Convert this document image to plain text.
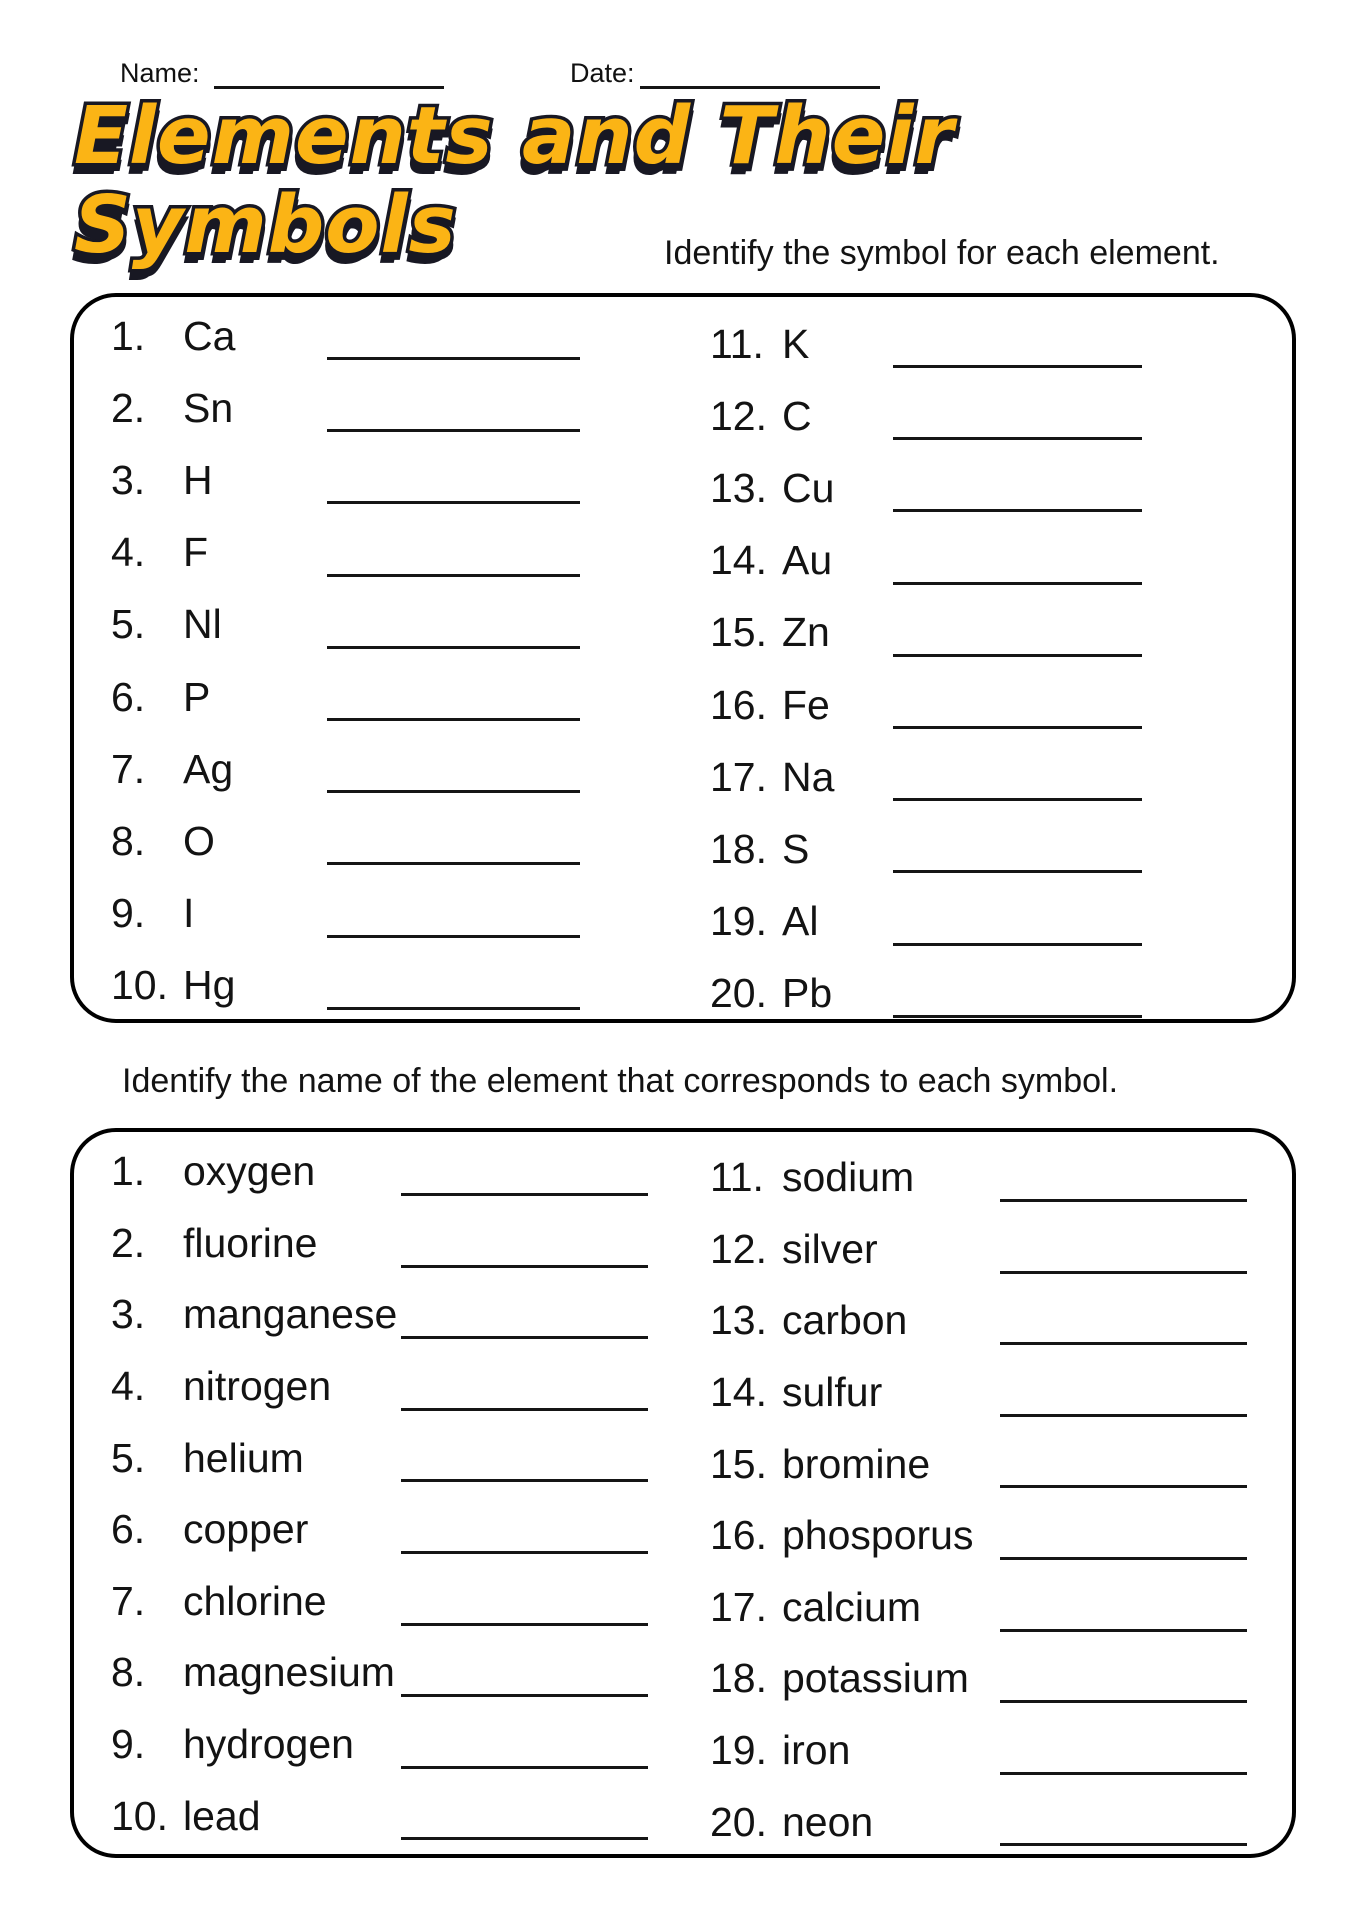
Name:	Date:
Elements and Their
Symbols	Identify the symbol for each element.
1. Ca
2. Sn
3. H
4. F
5. Nl
6. P
7. Ag
8. O
9. I
10. Hg
11. K
12. C
13. Cu
14. Au
15. Zn
16. Fe
17. Na
18. S
19. Al
20. Pb
Identify the name of the element that corresponds to each symbol.
1. oxygen
2. fluorine
3. manganese
4. nitrogen
5. helium
6. copper
7. chlorine
8. magnesium
9. hydrogen
10. lead
11. sodium
12. silver
13. carbon
14. sulfur
15. bromine
16. phosporus
17. calcium
18. potassium
19. iron
20. neon
